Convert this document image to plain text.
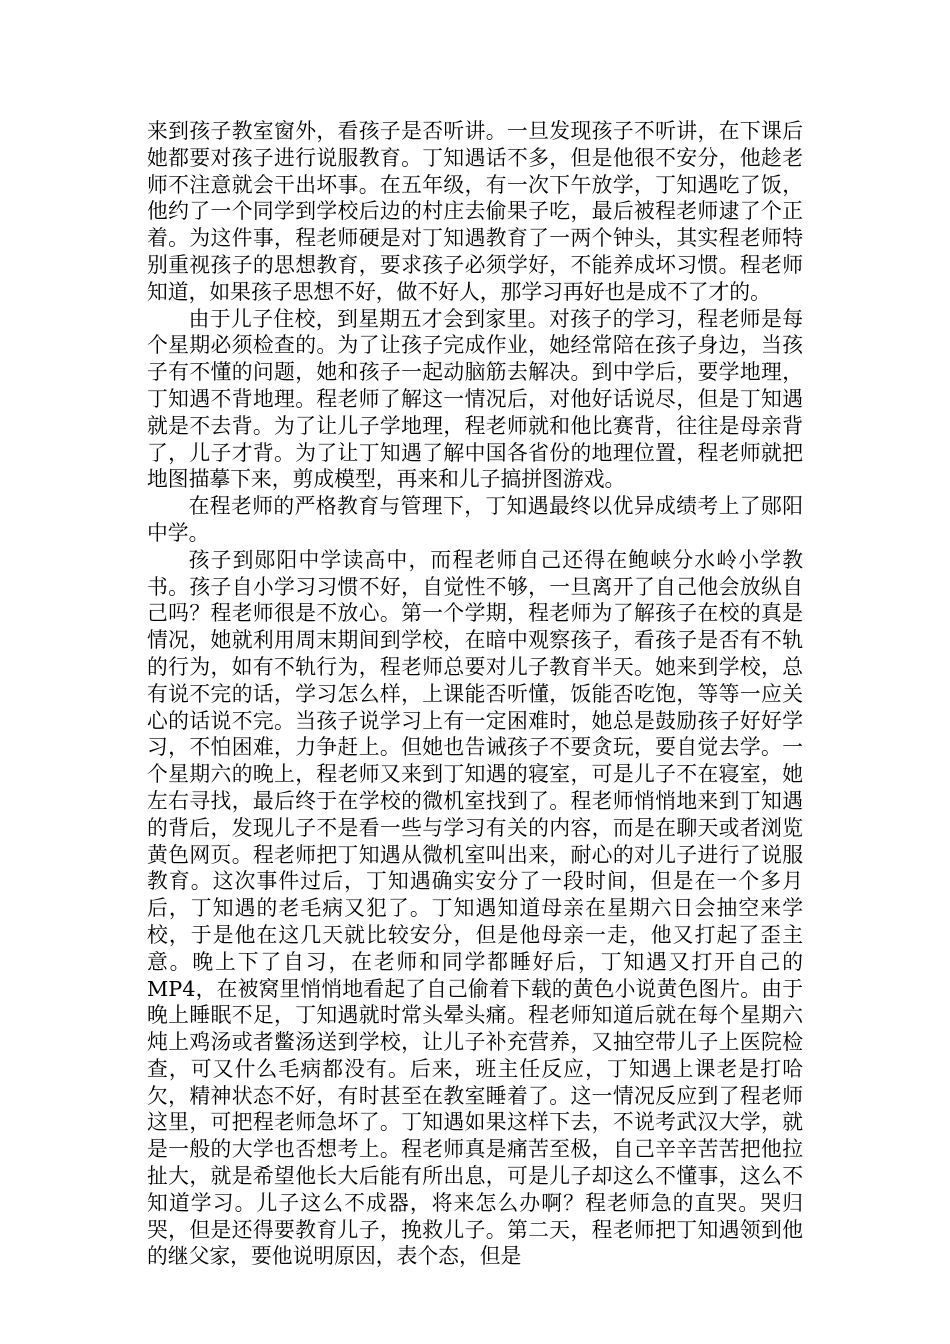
来到孩子教室窗外，看孩子是否听讲。一旦发现孩子不听讲，在下课后她都要对孩子进行说服教育。丁知遇话不多，但是他很不安分，他趁老师不注意就会干出坏事。在五年级，有一次下午放学，丁知遇吃了饭，他约了一个同学到学校后边的村庄去偷果子吃，最后被程老师逮了个正着。为这件事，程老师硬是对丁知遇教育了一两个钟头，其实程老师特别重视孩子的思想教育，要求孩子必须学好，不能养成坏习惯。程老师知道，如果孩子思想不好，做不好人，那学习再好也是成不了才的。

由于儿子住校，到星期五才会到家里。对孩子的学习，程老师是每个星期必须检查的。为了让孩子完成作业，她经常陪在孩子身边，当孩子有不懂的问题，她和孩子一起动脑筋去解决。到中学后，要学地理，丁知遇不背地理。程老师了解这一情况后，对他好话说尽，但是丁知遇就是不去背。为了让儿子学地理，程老师就和他比赛背，往往是母亲背了，儿子才背。为了让丁知遇了解中国各省份的地理位置，程老师就把地图描摹下来，剪成模型，再来和儿子搞拼图游戏。

在程老师的严格教育与管理下，丁知遇最终以优异成绩考上了郧阳中学。

孩子到郧阳中学读高中，而程老师自己还得在鲍峡分水岭小学教书。孩子自小学习习惯不好，自觉性不够，一旦离开了自己他会放纵自己吗？程老师很是不放心。第一个学期，程老师为了解孩子在校的真是情况，她就利用周末期间到学校，在暗中观察孩子，看孩子是否有不轨的行为，如有不轨行为，程老师总要对儿子教育半天。她来到学校，总有说不完的话，学习怎么样，上课能否听懂，饭能否吃饱，等等一应关心的话说不完。当孩子说学习上有一定困难时，她总是鼓励孩子好好学习，不怕困难，力争赶上。但她也告诫孩子不要贪玩，要自觉去学。一个星期六的晚上，程老师又来到丁知遇的寝室，可是儿子不在寝室，她左右寻找，最后终于在学校的微机室找到了。程老师悄悄地来到丁知遇的背后，发现儿子不是看一些与学习有关的内容，而是在聊天或者浏览黄色网页。程老师把丁知遇从微机室叫出来，耐心的对儿子进行了说服教育。这次事件过后，丁知遇确实安分了一段时间，但是在一个多月后，丁知遇的老毛病又犯了。丁知遇知道母亲在星期六日会抽空来学校，于是他在这几天就比较安分，但是他母亲一走，他又打起了歪主意。晚上下了自习，在老师和同学都睡好后，丁知遇又打开自己的MP4，在被窝里悄悄地看起了自己偷着下载的黄色小说黄色图片。由于晚上睡眠不足，丁知遇就时常头晕头痛。程老师知道后就在每个星期六炖上鸡汤或者鳖汤送到学校，让儿子补充营养，又抽空带儿子上医院检查，可又什么毛病都没有。后来，班主任反应，丁知遇上课老是打哈欠，精神状态不好，有时甚至在教室睡着了。这一情况反应到了程老师这里，可把程老师急坏了。丁知遇如果这样下去，不说考武汉大学，就是一般的大学也否想考上。程老师真是痛苦至极，自己辛辛苦苦把他拉扯大，就是希望他长大后能有所出息，可是儿子却这么不懂事，这么不知道学习。儿子这么不成器，将来怎么办啊？程老师急的直哭。哭归哭，但是还得要教育儿子，挽救儿子。第二天，程老师把丁知遇领到他的继父家，要他说明原因，表个态，但是
